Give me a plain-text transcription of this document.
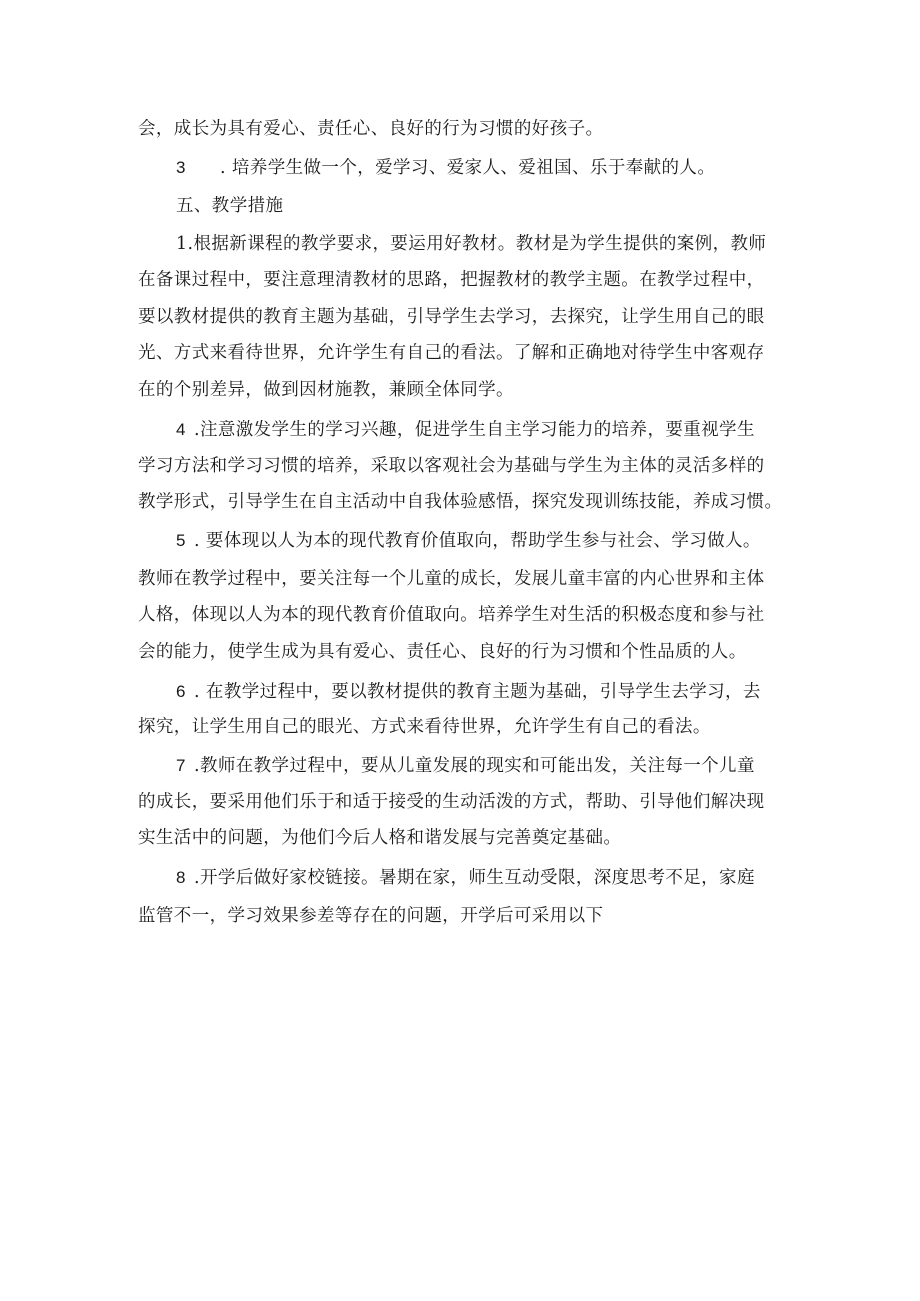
会，成长为具有爱心、责任心、良好的行为习惯的好孩子。
3 . 培养学生做一个，爱学习、爱家人、爱祖国、乐于奉献的人。
五、教学措施
1.根据新课程的教学要求，要运用好教材。教材是为学生提供的案例，教师
在备课过程中，要注意理清教材的思路，把握教材的教学主题。在教学过程中，
要以教材提供的教育主题为基础，引导学生去学习，去探究，让学生用自己的眼
光、方式来看待世界，允许学生有自己的看法。了解和正确地对待学生中客观存
在的个别差异，做到因材施教，兼顾全体同学。
4 .注意激发学生的学习兴趣，促进学生自主学习能力的培养，要重视学生
学习方法和学习习惯的培养，采取以客观社会为基础与学生为主体的灵活多样的
教学形式，引导学生在自主活动中自我体验感悟，探究发现训练技能，养成习惯。
5 . 要体现以人为本的现代教育价值取向，帮助学生参与社会、学习做人。
教师在教学过程中，要关注每一个儿童的成长，发展儿童丰富的内心世界和主体
人格，体现以人为本的现代教育价值取向。培养学生对生活的积极态度和参与社
会的能力，使学生成为具有爱心、责任心、良好的行为习惯和个性品质的人。
6 . 在教学过程中，要以教材提供的教育主题为基础，引导学生去学习，去
探究，让学生用自己的眼光、方式来看待世界，允许学生有自己的看法。
7 .教师在教学过程中，要从儿童发展的现实和可能出发，关注每一个儿童
的成长，要采用他们乐于和适于接受的生动活泼的方式，帮助、引导他们解决现
实生活中的问题，为他们今后人格和谐发展与完善奠定基础。
8 .开学后做好家校链接。暑期在家，师生互动受限，深度思考不足，家庭
监管不一，学习效果参差等存在的问题，开学后可采用以下
